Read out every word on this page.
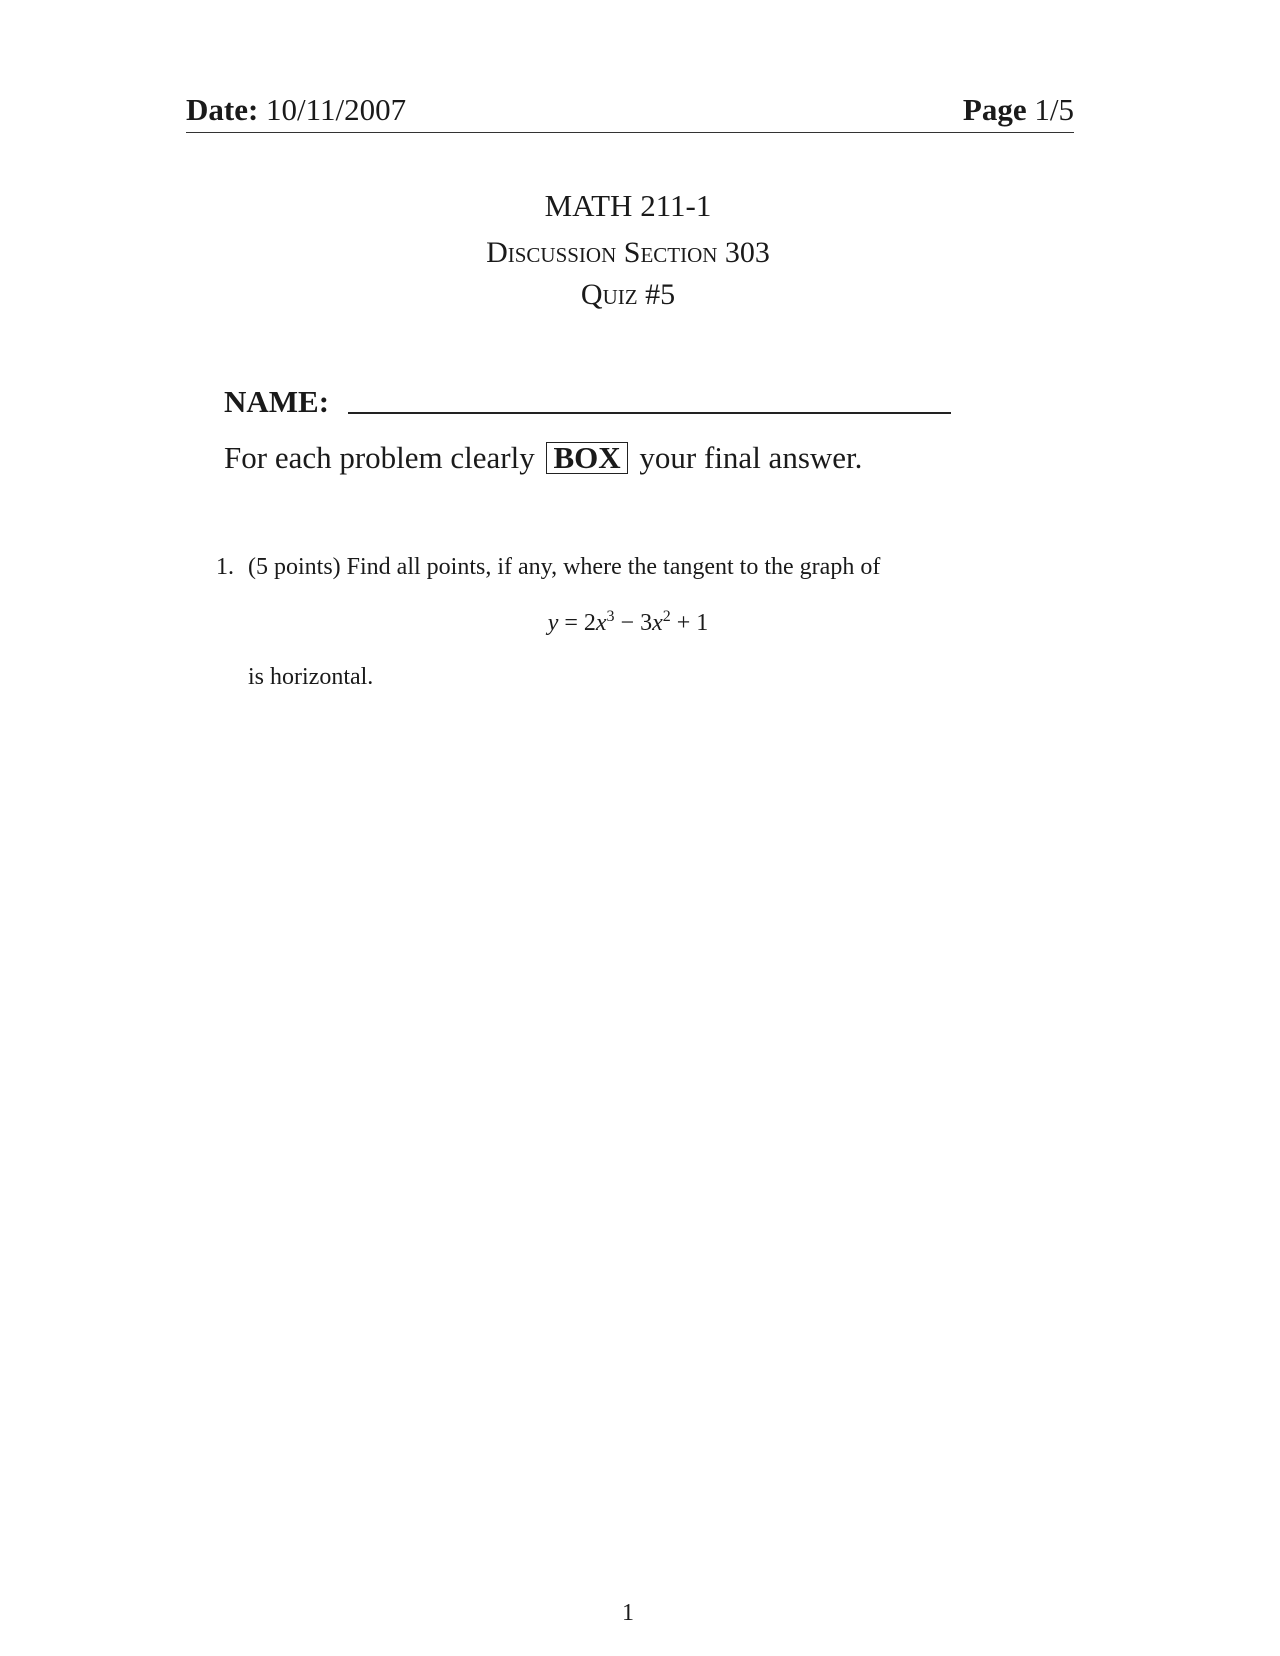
Date: 10/11/2007	Page 1/5
MATH 211-1
Discussion Section 303
Quiz #5
NAME:
For each problem clearly BOX your final answer.
1. (5 points) Find all points, if any, where the tangent to the graph of
$y = 2x^3 - 3x^2 + 1$
is horizontal.
1
